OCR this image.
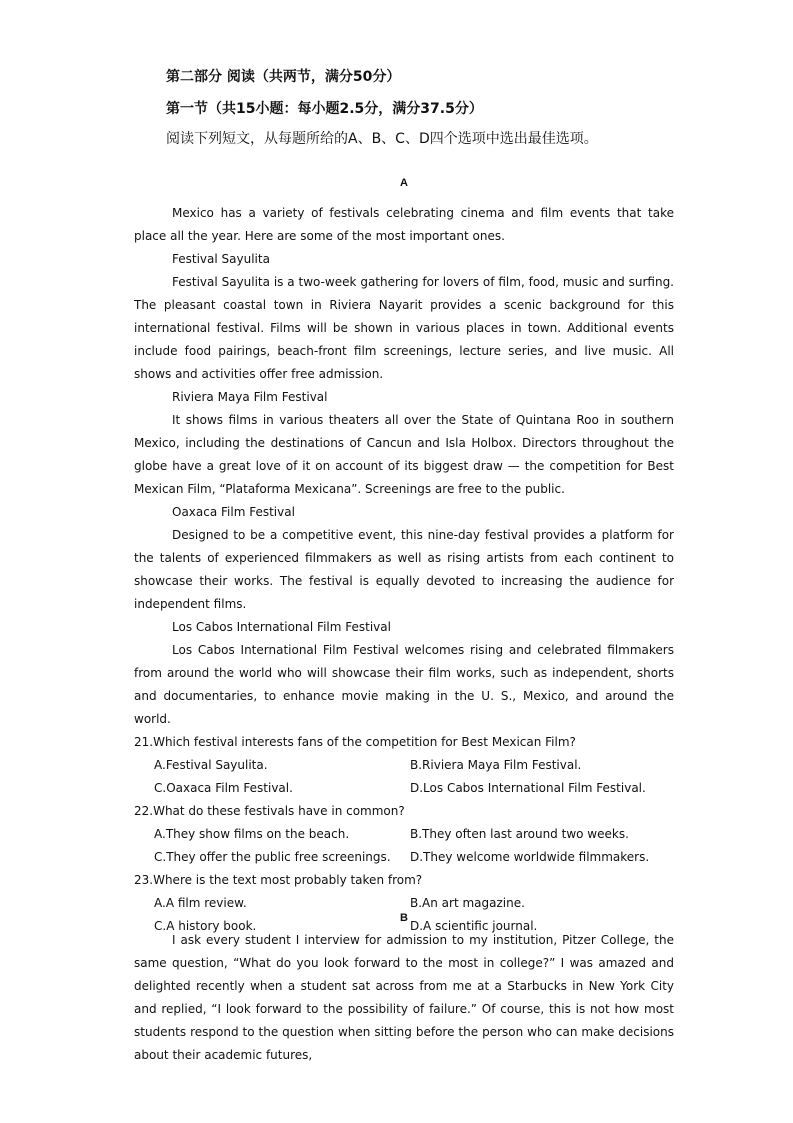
第二部分 阅读（共两节，满分50分）
第一节（共15小题：每小题2.5分，满分37.5分）
阅读下列短文，从每题所给的A、B、C、D四个选项中选出最佳选项。
A

Mexico has a variety of festivals celebrating cinema and film events that take place all the year. Here are some of the most important ones.

Festival Sayulita

Festival Sayulita is a two-week gathering for lovers of film, food, music and surfing. The pleasant coastal town in Riviera Nayarit provides a scenic background for this international festival. Films will be shown in various places in town. Additional events include food pairings, beach-front film screenings, lecture series, and live music. All shows and activities offer free admission.

Riviera Maya Film Festival

It shows films in various theaters all over the State of Quintana Roo in southern Mexico, including the destinations of Cancun and Isla Holbox. Directors throughout the globe have a great love of it on account of its biggest draw — the competition for Best Mexican Film, “Plataforma Mexicana”. Screenings are free to the public.

Oaxaca Film Festival

Designed to be a competitive event, this nine-day festival provides a platform for the talents of experienced filmmakers as well as rising artists from each continent to showcase their works. The festival is equally devoted to increasing the audience for independent films.

Los Cabos International Film Festival

Los Cabos International Film Festival welcomes rising and celebrated filmmakers from around the world who will showcase their film works, such as independent, shorts and documentaries, to enhance movie making in the U. S., Mexico, and around the world.

21.Which festival interests fans of the competition for Best Mexican Film?

A.Festival Sayulita.	B.Riviera Maya Film Festival.
C.Oaxaca Film Festival.	D.Los Cabos International Film Festival.

22.What do these festivals have in common?

A.They show films on the beach.	B.They often last around two weeks.
C.They offer the public free screenings.	D.They welcome worldwide filmmakers.

23.Where is the text most probably taken from?

A.A film review.	B.An art magazine.
C.A history book.	D.A scientific journal.
B

I ask every student I interview for admission to my institution, Pitzer College, the same question, “What do you look forward to the most in college?” I was amazed and delighted recently when a student sat across from me at a Starbucks in New York City and replied, “I look forward to the possibility of failure.” Of course, this is not how most students respond to the question when sitting before the person who can make decisions about their academic futures,
